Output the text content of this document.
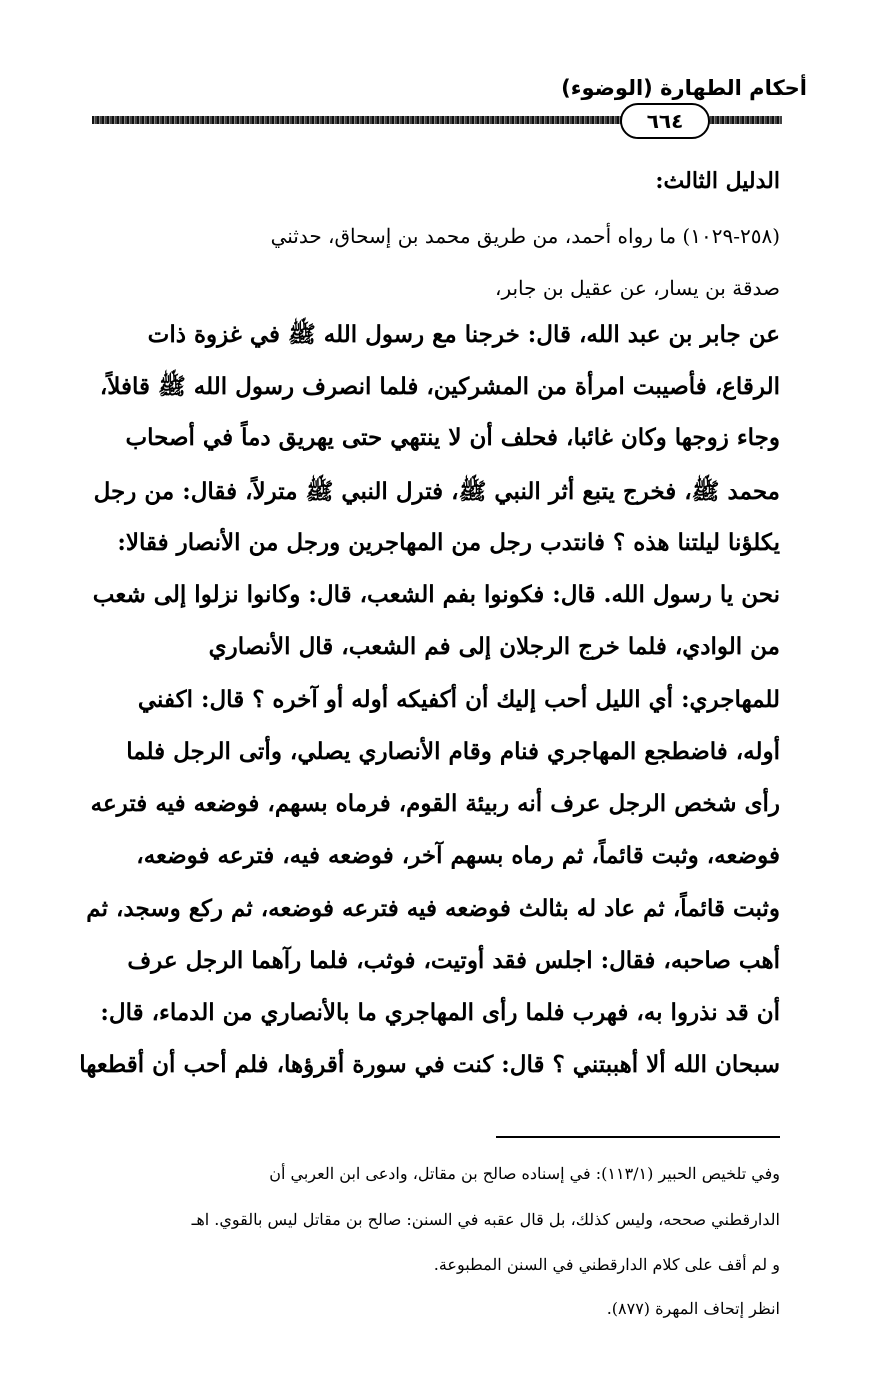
أحكام الطهارة (الوضوء)
٦٦٤
الدليل الثالث:
(٢٥٨-١٠٢٩) ما رواه أحمد، من طريق محمد بن إسحاق، حدثني
صدقة بن يسار، عن عقيل بن جابر،
عن جابر بن عبد الله، قال: خرجنا مع رسول الله ﷺ في غزوة ذات
الرقاع، فأصيبت امرأة من المشركين، فلما انصرف رسول الله ﷺ قافلاً،
وجاء زوجها وكان غائبا، فحلف أن لا ينتهي حتى يهريق دماً في أصحاب
محمد ﷺ، فخرج يتبع أثر النبي ﷺ، فترل النبي ﷺ مترلاً، فقال: من رجل
يكلؤنا ليلتنا هذه ؟ فانتدب رجل من المهاجرين ورجل من الأنصار فقالا:
نحن يا رسول الله. قال: فكونوا بفم الشعب، قال: وكانوا نزلوا إلى شعب
من الوادي، فلما خرج الرجلان إلى فم الشعب، قال الأنصاري
للمهاجري: أي الليل أحب إليك أن أكفيكه أوله أو آخره ؟ قال: اكفني
أوله، فاضطجع المهاجري فنام وقام الأنصاري يصلي، وأتى الرجل فلما
رأى شخص الرجل عرف أنه ربيئة القوم، فرماه بسهم، فوضعه فيه فترعه
فوضعه، وثبت قائماً، ثم رماه بسهم آخر، فوضعه فيه، فترعه فوضعه،
وثبت قائماً، ثم عاد له بثالث فوضعه فيه فترعه فوضعه، ثم ركع وسجد، ثم
أهب صاحبه، فقال: اجلس فقد أوتيت، فوثب، فلما رآهما الرجل عرف
أن قد نذروا به، فهرب فلما رأى المهاجري ما بالأنصاري من الدماء، قال:
سبحان الله ألا أهببتني ؟ قال: كنت في سورة أقرؤها، فلم أحب أن أقطعها
وفي تلخيص الحبير (١١٣/١): في إسناده صالح بن مقاتل، وادعى ابن العربي أن
الدارقطني صححه، وليس كذلك، بل قال عقبه في السنن: صالح بن مقاتل ليس بالقوي. اهـ
و لم أقف على كلام الدارقطني في السنن المطبوعة.
انظر إتحاف المهرة (٨٧٧).
